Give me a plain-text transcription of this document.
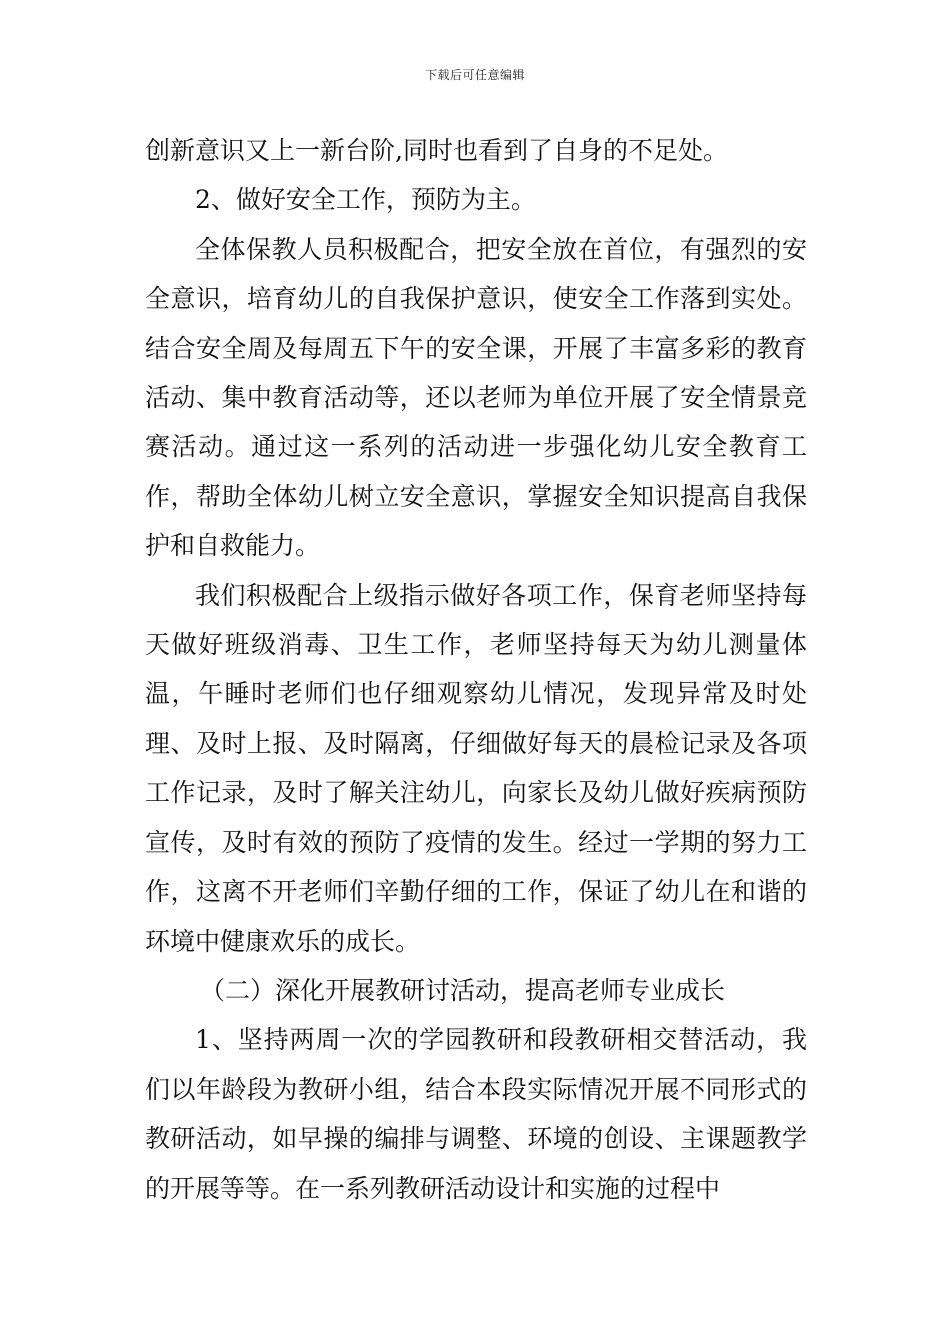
下载后可任意编辑

创新意识又上一新台阶,同时也看到了自身的不足处。

2、做好安全工作，预防为主。

全体保教人员积极配合，把安全放在首位，有强烈的安全意识，培育幼儿的自我保护意识，使安全工作落到实处。结合安全周及每周五下午的安全课，开展了丰富多彩的教育活动、集中教育活动等，还以老师为单位开展了安全情景竞赛活动。通过这一系列的活动进一步强化幼儿安全教育工作，帮助全体幼儿树立安全意识，掌握安全知识提高自我保护和自救能力。

我们积极配合上级指示做好各项工作，保育老师坚持每天做好班级消毒、卫生工作，老师坚持每天为幼儿测量体温，午睡时老师们也仔细观察幼儿情况，发现异常及时处理、及时上报、及时隔离，仔细做好每天的晨检记录及各项工作记录，及时了解关注幼儿，向家长及幼儿做好疾病预防宣传，及时有效的预防了疫情的发生。经过一学期的努力工作，这离不开老师们辛勤仔细的工作，保证了幼儿在和谐的环境中健康欢乐的成长。

（二）深化开展教研讨活动，提高老师专业成长

1、坚持两周一次的学园教研和段教研相交替活动，我们以年龄段为教研小组，结合本段实际情况开展不同形式的教研活动，如早操的编排与调整、环境的创设、主课题教学的开展等等。在一系列教研活动设计和实施的过程中
